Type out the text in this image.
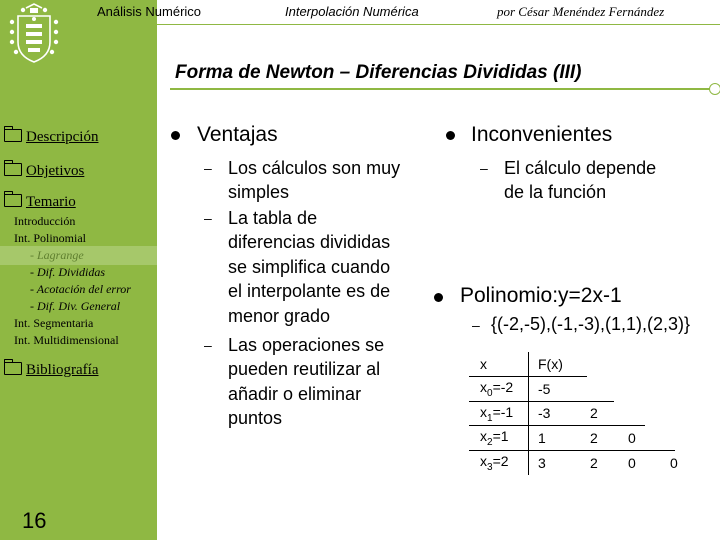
Descripción
Objetivos
Temario
Introducción
Int. Polinomial
- Lagrange
- Dif. Divididas
- Acotación del error
- Dif. Div. General
Int. Segmentaria
Int. Multidimensional
Bibliografía
16
Análisis Numérico	Interpolación Numérica	por César Menéndez Fernández
Forma de Newton – Diferencias Divididas (III)
Ventajas
– Los cálculos son muy
simples
– La tabla de
diferencias divididas
se simplifica cuando
el interpolante es de
menor grado
– Las operaciones se
pueden reutilizar al
añadir o eliminar
puntos
Inconvenientes
– El cálculo depende
de la función
Polinomio:y=2x-1
– {(-2,-5),(-1,-3),(1,1),(2,3)}
x	F(x)			
$x_0=-2$	-5			
$x_1=-1$	-3	2		
$x_2=1$	1	2	0	
$x_3=2$	3	2	0	0
